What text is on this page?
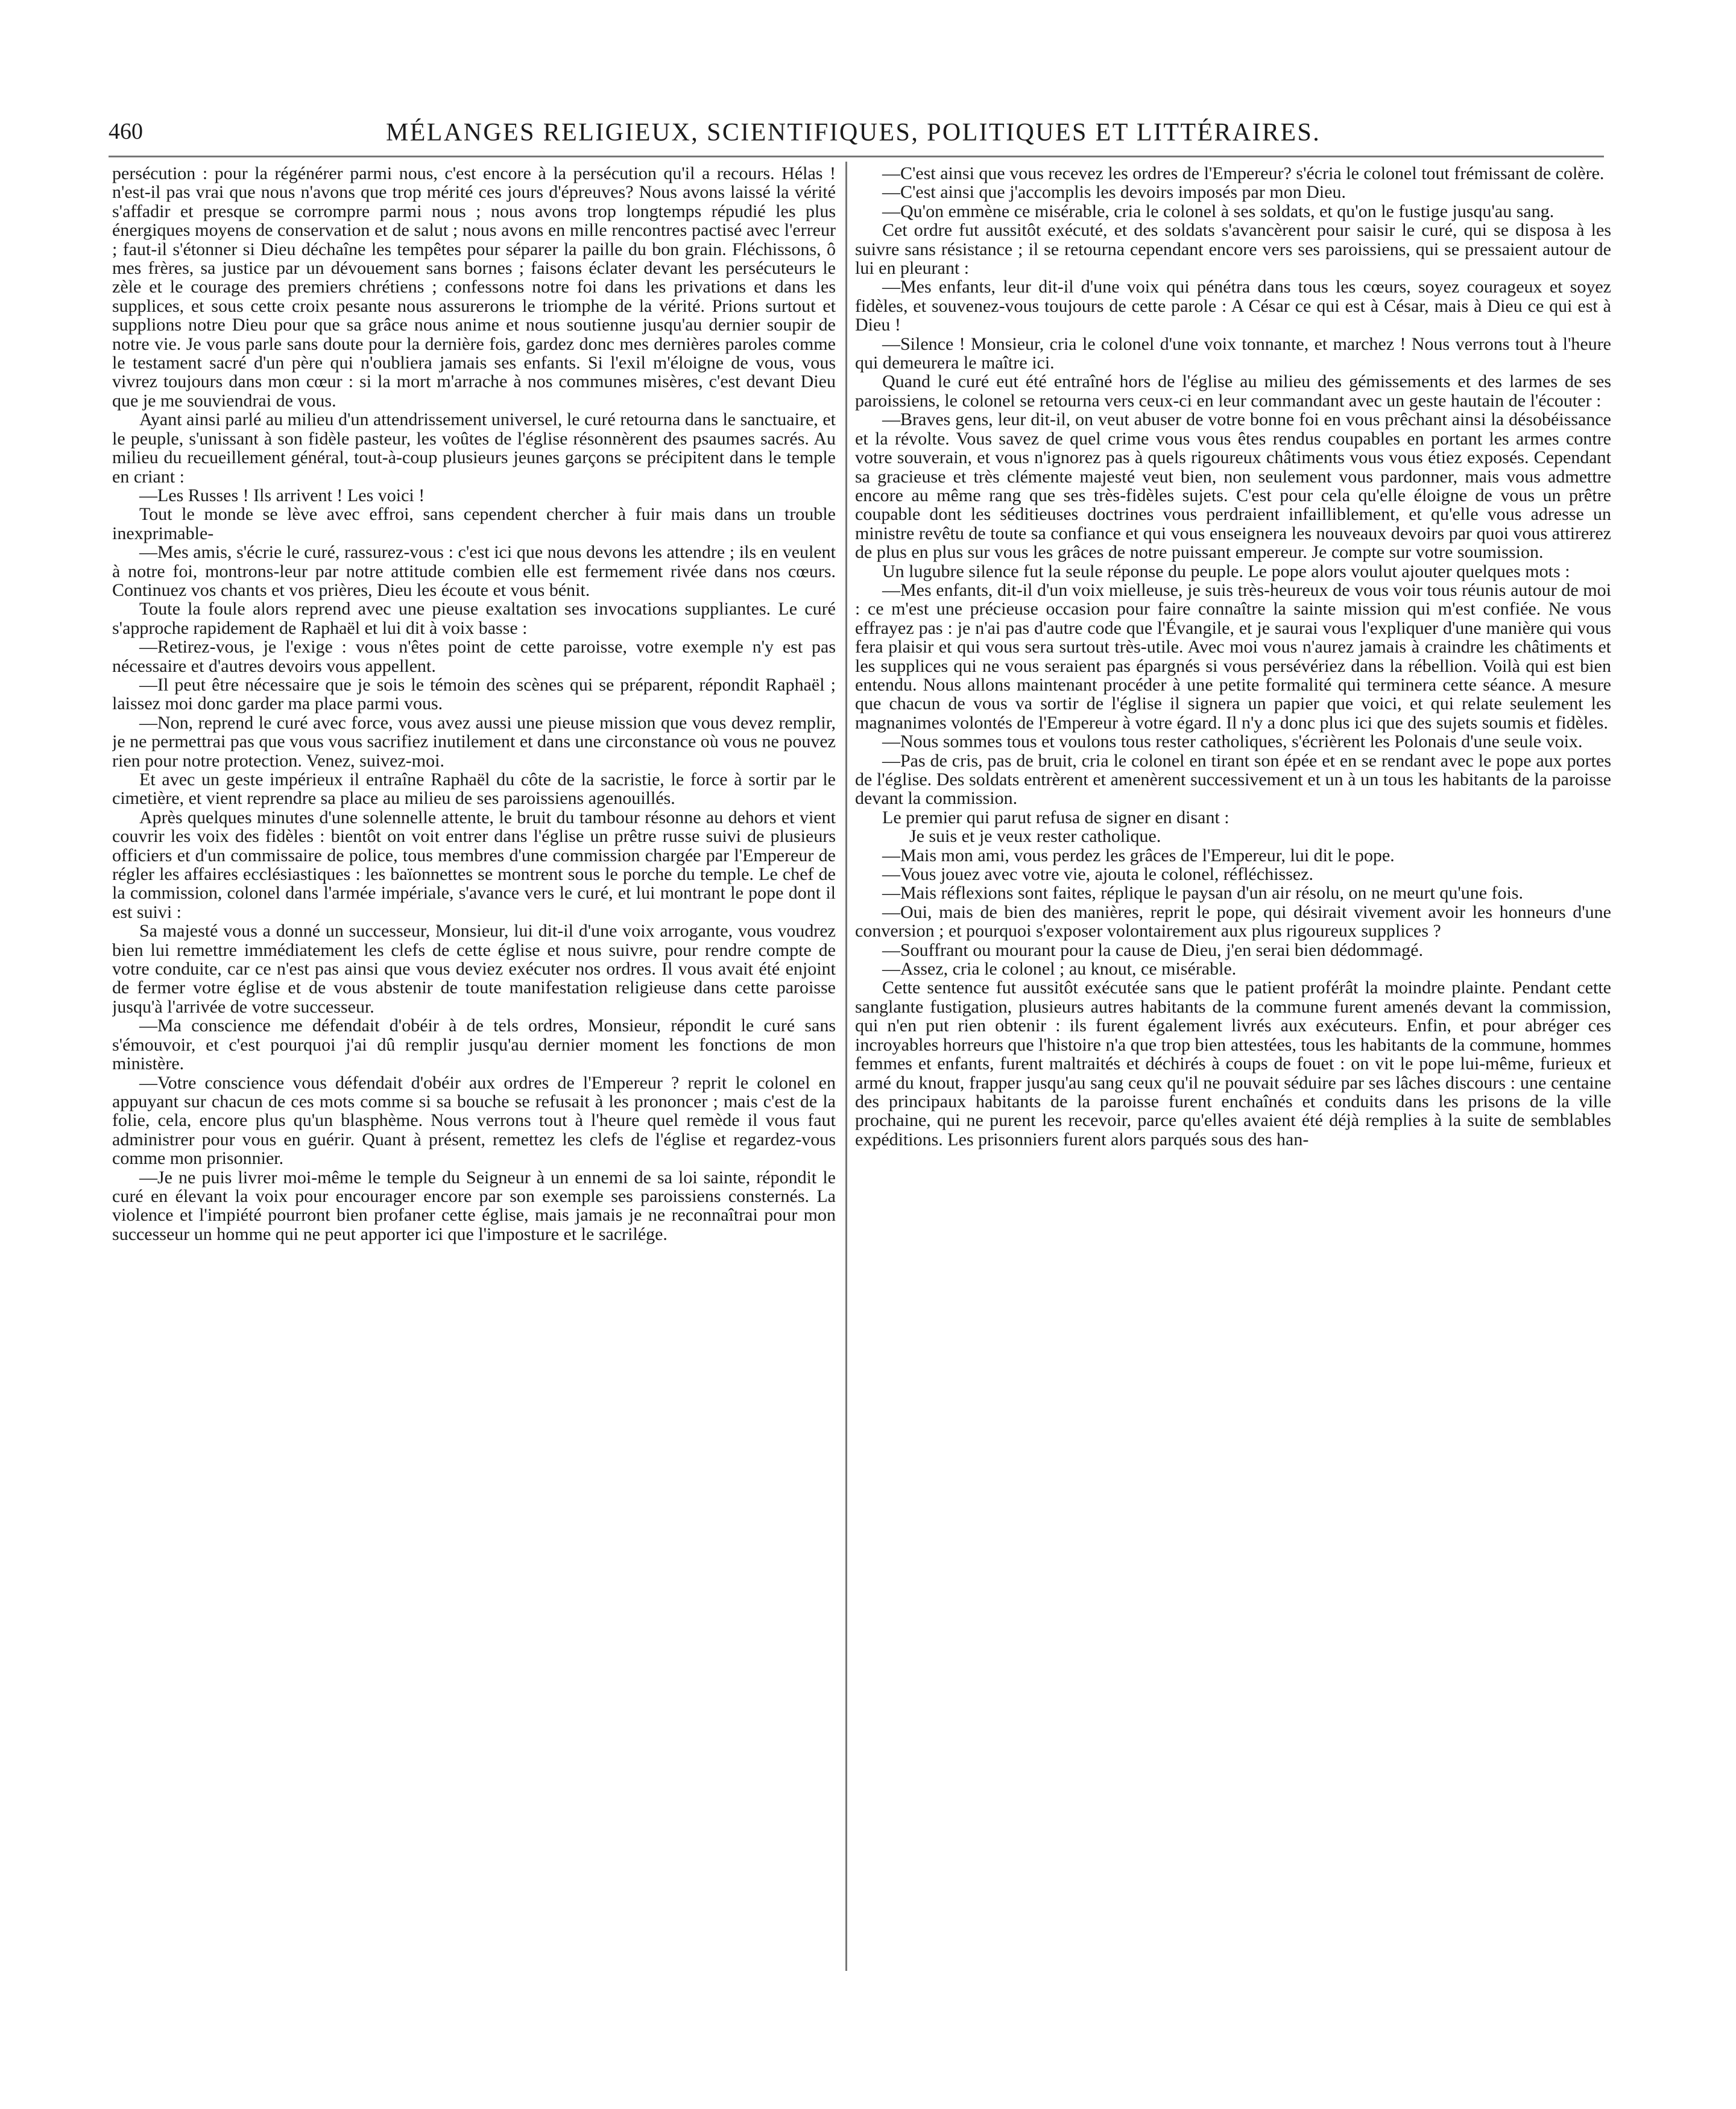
460	MÉLANGES RELIGIEUX, SCIENTIFIQUES, POLITIQUES ET LITTÉRAIRES.

persécution : pour la régénérer parmi nous, c'est encore à la persécution qu'il a recours. Hélas ! n'est-il pas vrai que nous n'avons que trop mérité ces jours d'épreuves? Nous avons laissé la vérité s'affadir et presque se corrompre parmi nous ; nous avons trop longtemps répudié les plus énergiques moyens de conservation et de salut ; nous avons en mille rencontres pactisé avec l'erreur ; faut-il s'étonner si Dieu déchaîne les tempêtes pour séparer la paille du bon grain. Fléchissons, ô mes frères, sa justice par un dévouement sans bornes ; faisons éclater devant les persécuteurs le zèle et le courage des premiers chrétiens ; confessons notre foi dans les privations et dans les supplices, et sous cette croix pesante nous assurerons le triomphe de la vérité. Prions surtout et supplions notre Dieu pour que sa grâce nous anime et nous soutienne jusqu'au dernier soupir de notre vie. Je vous parle sans doute pour la dernière fois, gardez donc mes dernières paroles comme le testament sacré d'un père qui n'oubliera jamais ses enfants. Si l'exil m'éloigne de vous, vous vivrez toujours dans mon cœur : si la mort m'arrache à nos communes misères, c'est devant Dieu que je me souviendrai de vous.

Ayant ainsi parlé au milieu d'un attendrissement universel, le curé retourna dans le sanctuaire, et le peuple, s'unissant à son fidèle pasteur, les voûtes de l'église résonnèrent des psaumes sacrés. Au milieu du recueillement général, tout-à-coup plusieurs jeunes garçons se précipitent dans le temple en criant :

—Les Russes ! Ils arrivent ! Les voici !

Tout le monde se lève avec effroi, sans cependent chercher à fuir mais dans un trouble inexprimable-

—Mes amis, s'écrie le curé, rassurez-vous : c'est ici que nous devons les attendre ; ils en veulent à notre foi, montrons-leur par notre attitude combien elle est fermement rivée dans nos cœurs. Continuez vos chants et vos prières, Dieu les écoute et vous bénit.

Toute la foule alors reprend avec une pieuse exaltation ses invocations suppliantes. Le curé s'approche rapidement de Raphaël et lui dit à voix basse :

—Retirez-vous, je l'exige : vous n'êtes point de cette paroisse, votre exemple n'y est pas nécessaire et d'autres devoirs vous appellent.

—Il peut être nécessaire que je sois le témoin des scènes qui se préparent, répondit Raphaël ; laissez moi donc garder ma place parmi vous.

—Non, reprend le curé avec force, vous avez aussi une pieuse mission que vous devez remplir, je ne permettrai pas que vous vous sacrifiez inutilement et dans une circonstance où vous ne pouvez rien pour notre protection. Venez, suivez-moi.

Et avec un geste impérieux il entraîne Raphaël du côte de la sacristie, le force à sortir par le cimetière, et vient reprendre sa place au milieu de ses paroissiens agenouillés.

Après quelques minutes d'une solennelle attente, le bruit du tambour résonne au dehors et vient couvrir les voix des fidèles : bientôt on voit entrer dans l'église un prêtre russe suivi de plusieurs officiers et d'un commissaire de police, tous membres d'une commission chargée par l'Empereur de régler les affaires ecclésiastiques : les baïonnettes se montrent sous le porche du temple. Le chef de la commission, colonel dans l'armée impériale, s'avance vers le curé, et lui montrant le pope dont il est suivi :

Sa majesté vous a donné un successeur, Monsieur, lui dit-il d'une voix arrogante, vous voudrez bien lui remettre immédiatement les clefs de cette église et nous suivre, pour rendre compte de votre conduite, car ce n'est pas ainsi que vous deviez exécuter nos ordres. Il vous avait été enjoint de fermer votre église et de vous abstenir de toute manifestation religieuse dans cette paroisse jusqu'à l'arrivée de votre successeur.

—Ma conscience me défendait d'obéir à de tels ordres, Monsieur, répondit le curé sans s'émouvoir, et c'est pourquoi j'ai dû remplir jusqu'au dernier moment les fonctions de mon ministère.

—Votre conscience vous défendait d'obéir aux ordres de l'Empereur ? reprit le colonel en appuyant sur chacun de ces mots comme si sa bouche se refusait à les prononcer ; mais c'est de la folie, cela, encore plus qu'un blasphème. Nous verrons tout à l'heure quel remède il vous faut administrer pour vous en guérir. Quant à présent, remettez les clefs de l'église et regardez-vous comme mon prisonnier.

—Je ne puis livrer moi-même le temple du Seigneur à un ennemi de sa loi sainte, répondit le curé en élevant la voix pour encourager encore par son exemple ses paroissiens consternés. La violence et l'impiété pourront bien profaner cette église, mais jamais je ne reconnaîtrai pour mon successeur un homme qui ne peut apporter ici que l'imposture et le sacrilége.

—C'est ainsi que vous recevez les ordres de l'Empereur? s'écria le colonel tout frémissant de colère.

—C'est ainsi que j'accomplis les devoirs imposés par mon Dieu.

—Qu'on emmène ce misérable, cria le colonel à ses soldats, et qu'on le fustige jusqu'au sang.

Cet ordre fut aussitôt exécuté, et des soldats s'avancèrent pour saisir le curé, qui se disposa à les suivre sans résistance ; il se retourna cependant encore vers ses paroissiens, qui se pressaient autour de lui en pleurant :

—Mes enfants, leur dit-il d'une voix qui pénétra dans tous les cœurs, soyez courageux et soyez fidèles, et souvenez-vous toujours de cette parole : A César ce qui est à César, mais à Dieu ce qui est à Dieu !

—Silence ! Monsieur, cria le colonel d'une voix tonnante, et marchez ! Nous verrons tout à l'heure qui demeurera le maître ici.

Quand le curé eut été entraîné hors de l'église au milieu des gémissements et des larmes de ses paroissiens, le colonel se retourna vers ceux-ci en leur commandant avec un geste hautain de l'écouter :

—Braves gens, leur dit-il, on veut abuser de votre bonne foi en vous prêchant ainsi la désobéissance et la révolte. Vous savez de quel crime vous vous êtes rendus coupables en portant les armes contre votre souverain, et vous n'ignorez pas à quels rigoureux châtiments vous vous étiez exposés. Cependant sa gracieuse et très clémente majesté veut bien, non seulement vous pardonner, mais vous admettre encore au même rang que ses très-fidèles sujets. C'est pour cela qu'elle éloigne de vous un prêtre coupable dont les séditieuses doctrines vous perdraient infailliblement, et qu'elle vous adresse un ministre revêtu de toute sa confiance et qui vous enseignera les nouveaux devoirs par quoi vous attirerez de plus en plus sur vous les grâces de notre puissant empereur. Je compte sur votre soumission.

Un lugubre silence fut la seule réponse du peuple. Le pope alors voulut ajouter quelques mots :

—Mes enfants, dit-il d'un voix mielleuse, je suis très-heureux de vous voir tous réunis autour de moi : ce m'est une précieuse occasion pour faire connaître la sainte mission qui m'est confiée. Ne vous effrayez pas : je n'ai pas d'autre code que l'Évangile, et je saurai vous l'expliquer d'une manière qui vous fera plaisir et qui vous sera surtout très-utile. Avec moi vous n'aurez jamais à craindre les châtiments et les supplices qui ne vous seraient pas épargnés si vous persévériez dans la rébellion. Voilà qui est bien entendu. Nous allons maintenant procéder à une petite formalité qui terminera cette séance. A mesure que chacun de vous va sortir de l'église il signera un papier que voici, et qui relate seulement les magnanimes volontés de l'Empereur à votre égard. Il n'y a donc plus ici que des sujets soumis et fidèles.

—Nous sommes tous et voulons tous rester catholiques, s'écrièrent les Polonais d'une seule voix.

—Pas de cris, pas de bruit, cria le colonel en tirant son épée et en se rendant avec le pope aux portes de l'église. Des soldats entrèrent et amenèrent successivement et un à un tous les habitants de la paroisse devant la commission.

Le premier qui parut refusa de signer en disant :

Je suis et je veux rester catholique.

—Mais mon ami, vous perdez les grâces de l'Empereur, lui dit le pope.

—Vous jouez avec votre vie, ajouta le colonel, réfléchissez.

—Mais réflexions sont faites, réplique le paysan d'un air résolu, on ne meurt qu'une fois.

—Oui, mais de bien des manières, reprit le pope, qui désirait vivement avoir les honneurs d'une conversion ; et pourquoi s'exposer volontairement aux plus rigoureux supplices ?

—Souffrant ou mourant pour la cause de Dieu, j'en serai bien dédommagé.

—Assez, cria le colonel ; au knout, ce misérable.

Cette sentence fut aussitôt exécutée sans que le patient proférât la moindre plainte. Pendant cette sanglante fustigation, plusieurs autres habitants de la commune furent amenés devant la commission, qui n'en put rien obtenir : ils furent également livrés aux exécuteurs. Enfin, et pour abréger ces incroyables horreurs que l'histoire n'a que trop bien attestées, tous les habitants de la commune, hommes femmes et enfants, furent maltraités et déchirés à coups de fouet : on vit le pope lui-même, furieux et armé du knout, frapper jusqu'au sang ceux qu'il ne pouvait séduire par ses lâches discours : une centaine des principaux habitants de la paroisse furent enchaînés et conduits dans les prisons de la ville prochaine, qui ne purent les recevoir, parce qu'elles avaient été déjà remplies à la suite de semblables expéditions. Les prisonniers furent alors parqués sous des han-
